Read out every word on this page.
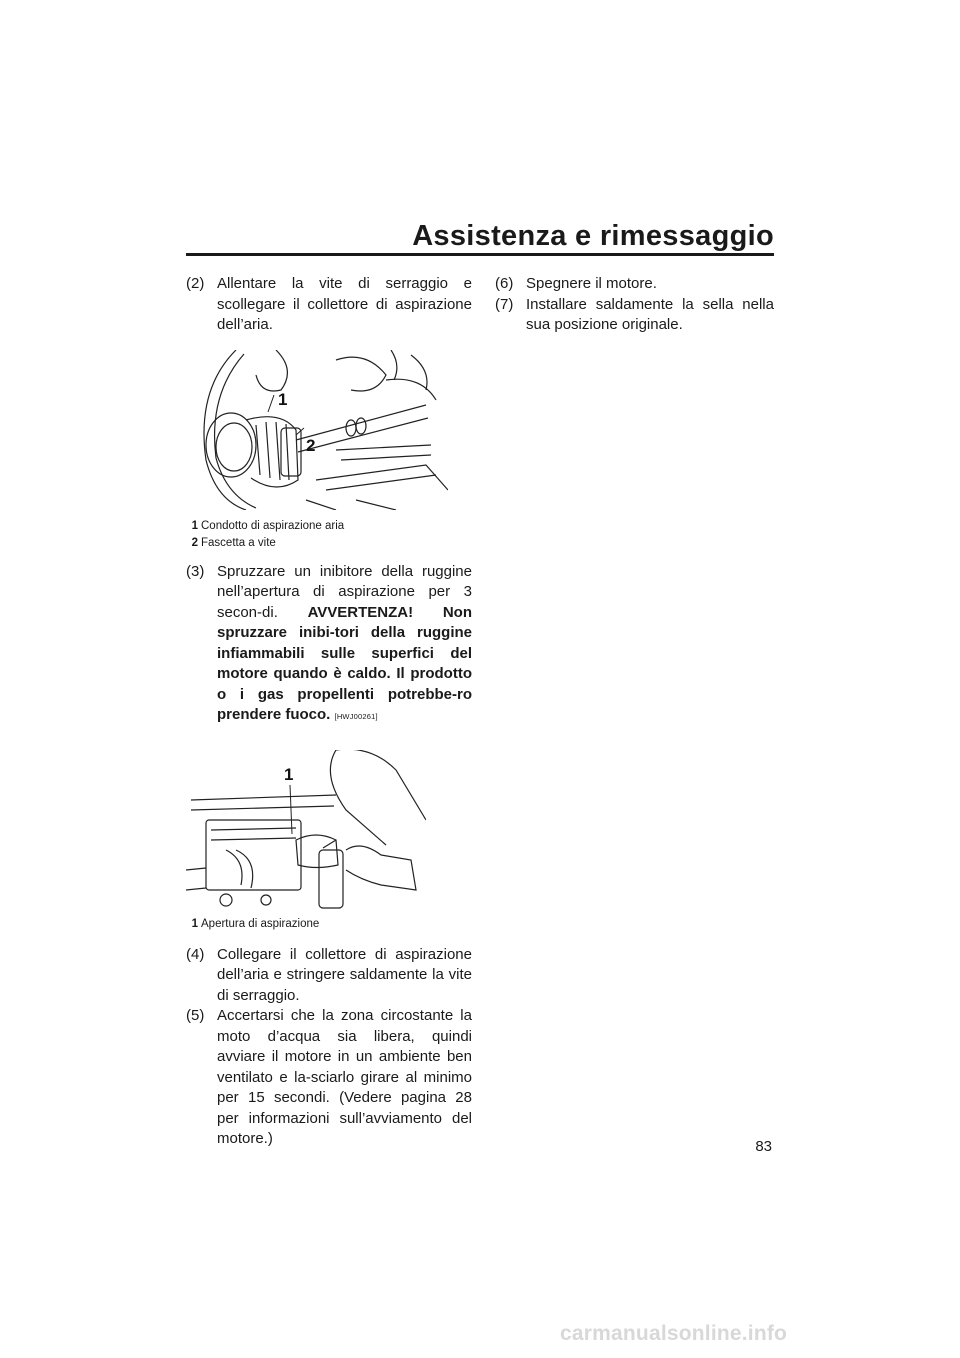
Assistenza e rimessaggio
(2) Allentare la vite di serraggio e scollegare il collettore di aspirazione dell’aria.
1
2
1 Condotto di aspirazione aria
2 Fascetta a vite
(3) Spruzzare un inibitore della ruggine nell’apertura di aspirazione per 3 secon-di. AVVERTENZA! Non spruzzare inibi-tori della ruggine infiammabili sulle superfici del motore quando è caldo. Il prodotto o i gas propellenti potrebbe-ro prendere fuoco. [HWJ00261]
1
1 Apertura di aspirazione
(4) Collegare il collettore di aspirazione dell’aria e stringere saldamente la vite di serraggio.
(5) Accertarsi che la zona circostante la moto d’acqua sia libera, quindi avviare il motore in un ambiente ben ventilato e la-sciarlo girare al minimo per 15 secondi. (Vedere pagina 28 per informazioni sull’avviamento del motore.)
(6) Spegnere il motore.
(7) Installare saldamente la sella nella sua posizione originale.
83
carmanualsonline.info
